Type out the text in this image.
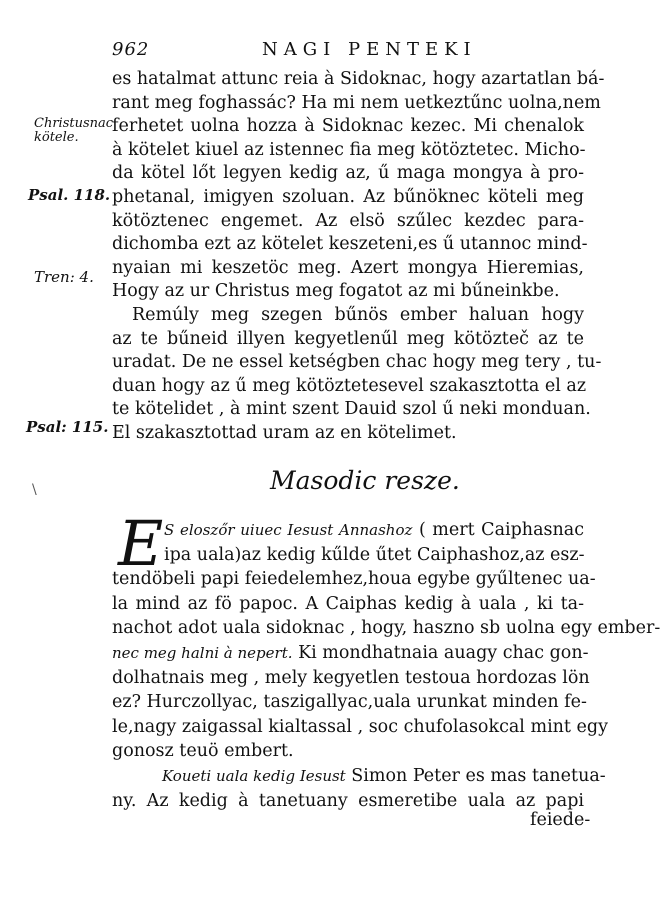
962	NAGI PENTEKI
Christusnac kötele.
Psal. 118.
Tren: 4.
Psal: 115.
es hatalmat attunc reia à Sidoknac, hogy azartatlan bá-
rant meg foghassác? Ha mi nem uetkeztűnc uolna,nem
ferhetet uolna hozza à Sidoknac kezec. Mi chenalok
à kötelet kiuel az istennec fia meg kötöztetec. Micho-
da kötel lőt legyen kedig az, ű maga mongya à pro-
phetanal, imigyen szoluan. Az bűnöknec köteli meg
kötöztenec engemet. Az elsö szűlec kezdec para-
dichomba ezt az kötelet keszeteni,es ű utannoc mind-
nyaian mi keszetöc meg. Azert mongya Hieremias,
Hogy az ur Christus meg fogatot az mi bűneinkbe.
Remúly meg szegen bűnös ember haluan hogy
az te bűneid illyen kegyetlenűl meg kötözteč az te
uradat. De ne essel ketségben chac hogy meg tery , tu-
duan hogy az ű meg kötöztetesevel szakasztotta el az
te kötelidet , à mint szent Dauid szol ű neki monduan.
El szakasztottad uram az en kötelimet.
\	Masodic resze.
E S eloszőr uiuec Iesust Annashoz ( mert Caiphasnac
ipa uala)az kedig kűlde űtet Caiphashoz,az esz-
tendöbeli papi feiedelemhez,houa egybe gyűltenec ua-
la mind az fö papoc. A Caiphas kedig à uala , ki ta-
nachot adot uala sidoknac , hogy, haszno sb uolna egy ember-
nec meg halni à nepert. Ki mondhatnaia auagy chac gon-
dolhatnais meg , mely kegyetlen testoua hordozas lön
ez? Hurczollyac, taszigallyac,uala urunkat minden fe-
le,nagy zaigassal kialtassal , soc chufolasokcal mint egy
gonosz teuö embert.
Koueti uala kedig Iesust Simon Peter es mas tanetua-
ny. Az kedig à tanetuany esmeretibe uala az papi
feiede-
